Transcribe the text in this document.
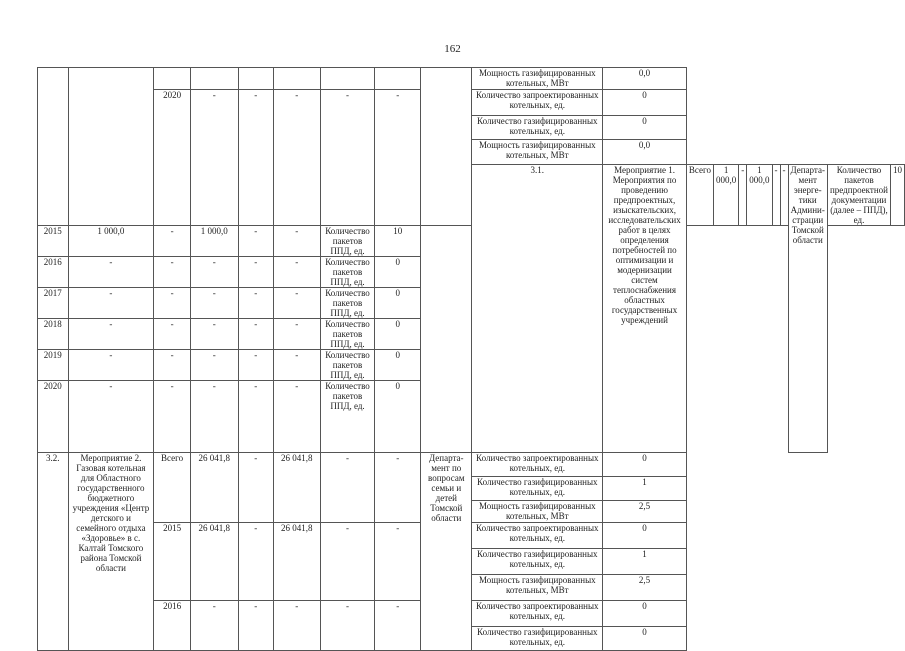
162
									Мощность газифицированных котельных, МВт	0,0									
		2020	-	-	-	-	-		Количество запроектированных котельных, ед.	0									
									Количество газифицированных котельных, ед.	0									
									Мощность газифицированных котельных, МВт	0,0									
									3.1.	Мероприятие 1. Мероприятия по проведению предпроектных, изыскательских, исследовательских работ в целях определения потребностей по оптимизации и модернизации систем теплоснабжения областных государственных учреждений	Всего	1 000,0	-	1 000,0	-	-	Департа-мент энерге-тики Админи-страции Томской области	Количество пакетов предпроектной документации (далее – ППД), ед.	10
2015	1 000,0	-	1 000,0	-	-	Количество пакетов ППД, ед.	10												
2016	-	-	-	-	-	Количество пакетов ППД, ед.	0												
2017	-	-	-	-	-	Количество пакетов ППД, ед.	0												
2018	-	-	-	-	-	Количество пакетов ППД, ед.	0												
2019	-	-	-	-	-	Количество пакетов ППД, ед.	0												
2020	-	-	-	-	-	Количество пакетов ППД, ед.	0												
3.2.	Мероприятие 2. Газовая котельная для Областного государственного бюджетного учреждения «Центр детского и семейного отдыха «Здоровье» в с. Калтай Томского района Томской области	Всего	26 041,8	-	26 041,8	-	-	Департа-мент по вопросам семьи и детей Томской области	Количество запроектированных котельных, ед.	0									
									Количество газифицированных котельных, ед.	1									
									Мощность газифицированных котельных, МВт	2,5									
		2015	26 041,8	-	26 041,8	-	-		Количество запроектированных котельных, ед.	0									
									Количество газифицированных котельных, ед.	1									
									Мощность газифицированных котельных, МВт	2,5									
		2016	-	-	-	-	-		Количество запроектированных котельных, ед.	0									
									Количество газифицированных котельных, ед.	0									
